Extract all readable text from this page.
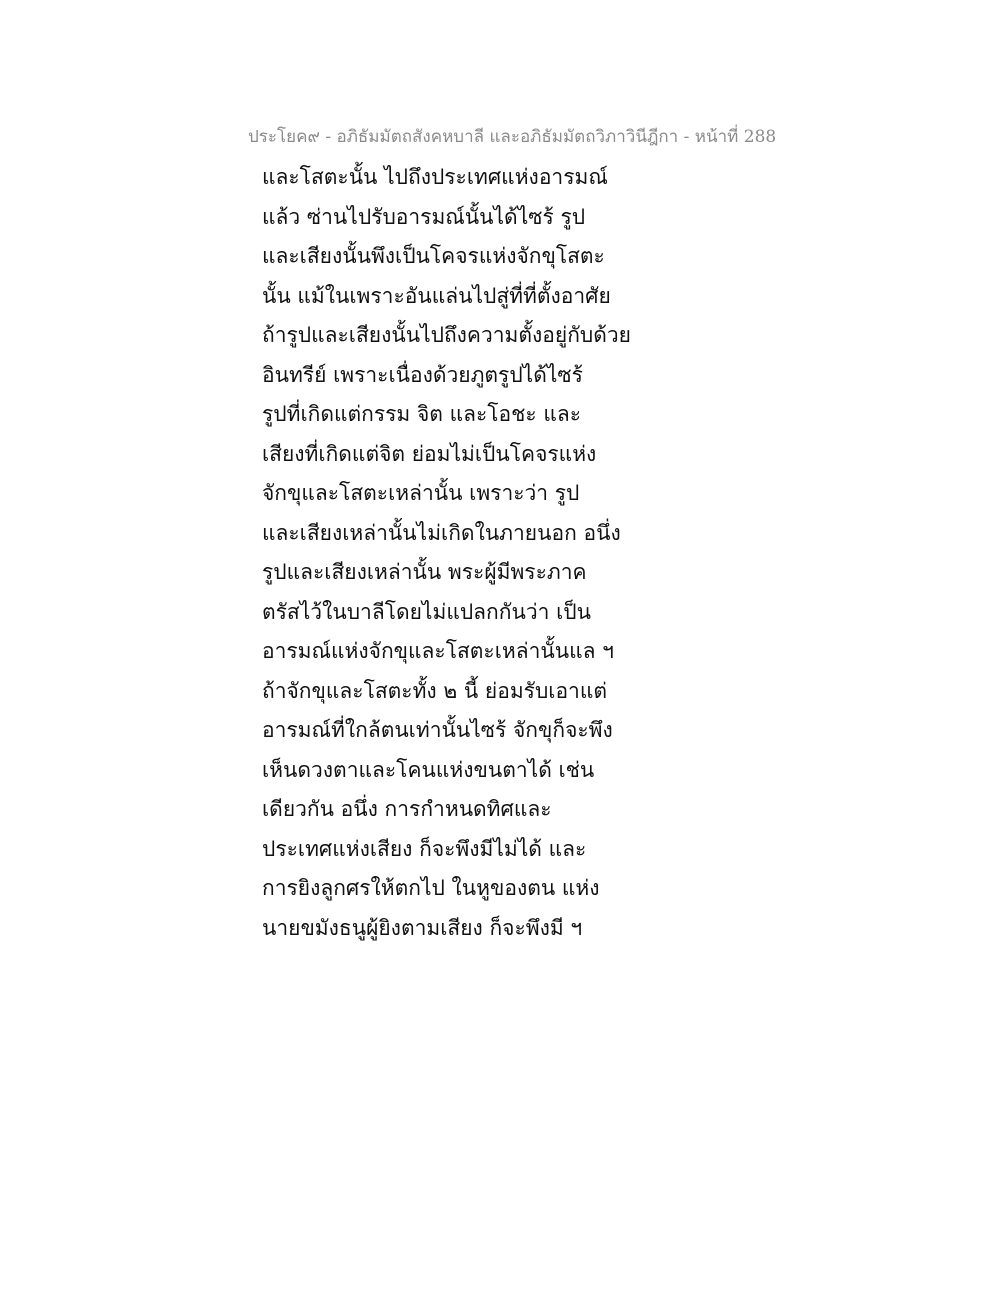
ประโยค๙ - อภิธัมมัตถสังคหบาลี และอภิธัมมัตถวิภาวินีฎีกา - หน้าที่ 288
และโสตะนั้น ไปถึงประเทศแห่งอารมณ์
แล้ว ซ่านไปรับอารมณ์นั้นได้ไซร้ รูป
และเสียงนั้นพึงเป็นโคจรแห่งจักขุโสตะ
นั้น แม้ในเพราะอันแล่นไปสู่ที่ที่ตั้งอาศัย
ถ้ารูปและเสียงนั้นไปถึงความตั้งอยู่กับด้วย
อินทรีย์ เพราะเนื่องด้วยภูตรูปได้ไซร้
รูปที่เกิดแต่กรรม จิต และโอชะ และ
เสียงที่เกิดแต่จิต ย่อมไม่เป็นโคจรแห่ง
จักขุและโสตะเหล่านั้น เพราะว่า รูป
และเสียงเหล่านั้นไม่เกิดในภายนอก อนึ่ง
รูปและเสียงเหล่านั้น พระผู้มีพระภาค
ตรัสไว้ในบาลีโดยไม่แปลกกันว่า เป็น
อารมณ์แห่งจักขุและโสตะเหล่านั้นแล ฯ
ถ้าจักขุและโสตะทั้ง ๒ นี้ ย่อมรับเอาแต่
อารมณ์ที่ใกล้ตนเท่านั้นไซร้ จักขุก็จะพึง
เห็นดวงตาและโคนแห่งขนตาได้ เช่น
เดียวกัน อนึ่ง การกำหนดทิศและ
ประเทศแห่งเสียง ก็จะพึงมีไม่ได้ และ
การยิงลูกศรให้ตกไป ในหูของตน แห่ง
นายขมังธนูผู้ยิงตามเสียง ก็จะพึงมี ฯ
